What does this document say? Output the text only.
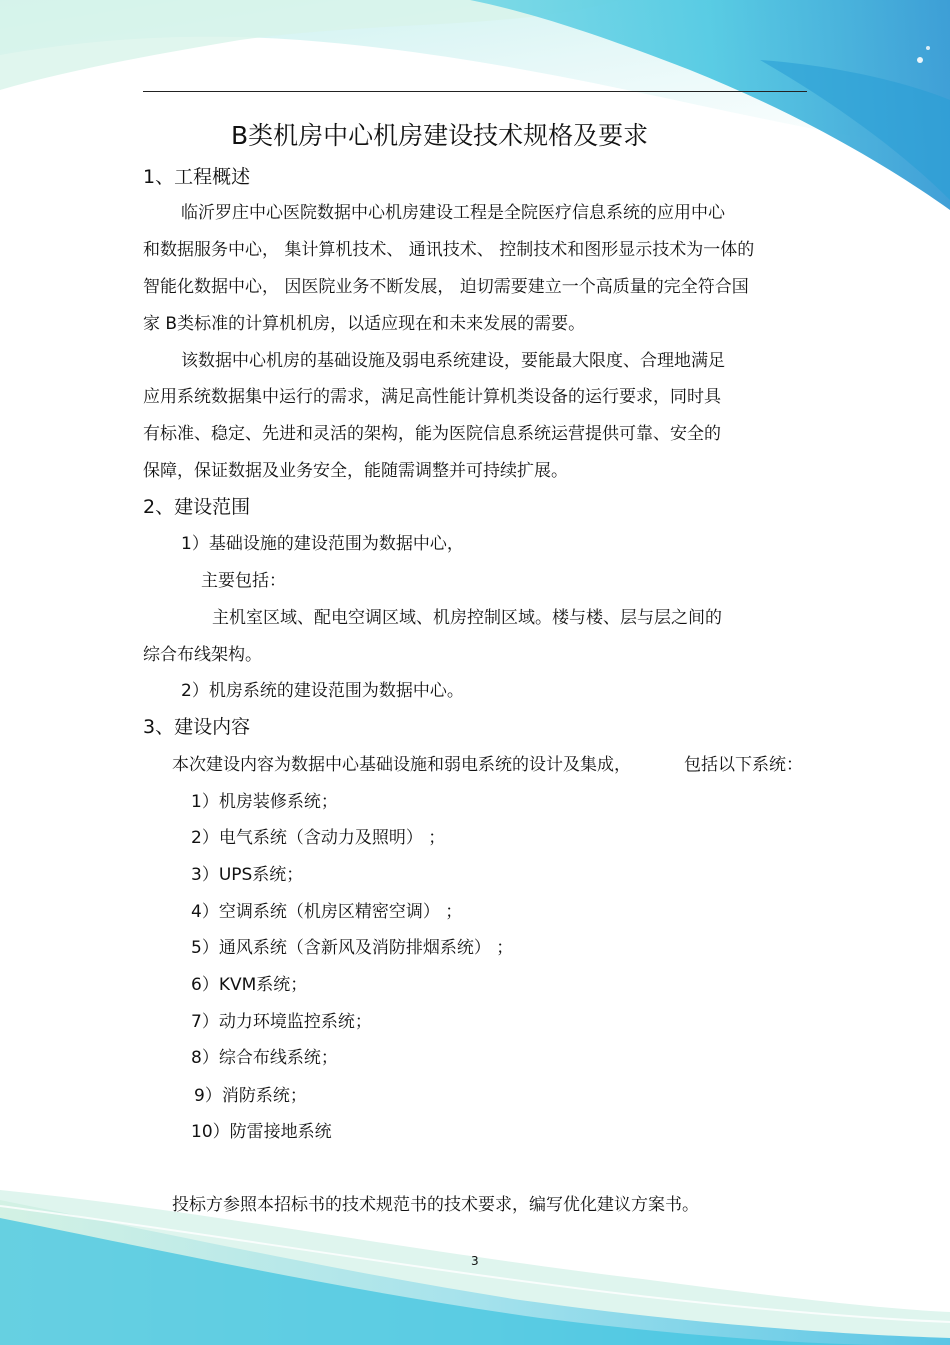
B类机房中心机房建设技术规格及要求
1、工程概述
临沂罗庄中心医院数据中心机房建设工程是全院医疗信息系统的应用中心
和数据服务中心， 集计算机技术、 通讯技术、 控制技术和图形显示技术为一体的
智能化数据中心， 因医院业务不断发展， 迫切需要建立一个高质量的完全符合国
家 B类标准的计算机机房，以适应现在和未来发展的需要。
该数据中心机房的基础设施及弱电系统建设，要能最大限度、合理地满足
应用系统数据集中运行的需求，满足高性能计算机类设备的运行要求，同时具
有标准、稳定、先进和灵活的架构，能为医院信息系统运营提供可靠、安全的
保障，保证数据及业务安全，能随需调整并可持续扩展。
2、建设范围
1）基础设施的建设范围为数据中心，
主要包括：
主机室区域、配电空调区域、机房控制区域。楼与楼、层与层之间的
综合布线架构。
2）机房系统的建设范围为数据中心。
3、建设内容
本次建设内容为数据中心基础设施和弱电系统的设计及集成，	包括以下系统：
1）机房装修系统；
2）电气系统（含动力及照明） ；
3）UPS系统；
4）空调系统（机房区精密空调） ；
5）通风系统（含新风及消防排烟系统） ；
6）KVM系统；
7）动力环境监控系统；
8）综合布线系统；
9）消防系统；
10）防雷接地系统
投标方参照本招标书的技术规范书的技术要求，编写优化建议方案书。
3
